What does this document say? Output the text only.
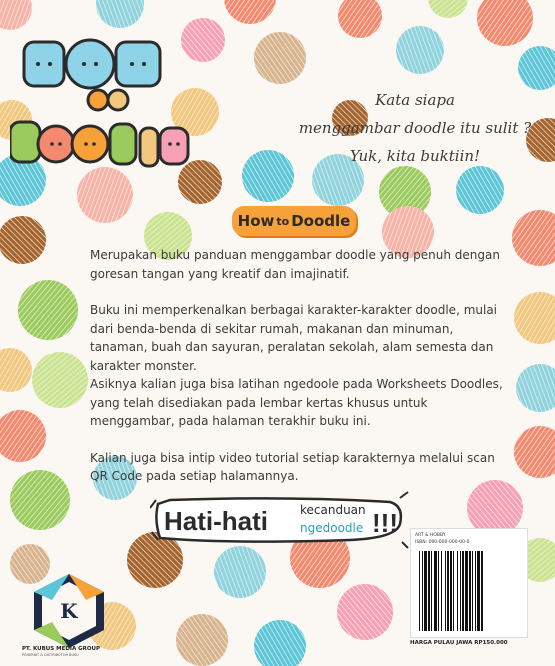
Kata siapa
menggambar doodle itu sulit ?
Yuk, kita buktiin!
How to Doodle

Merupakan buku panduan menggambar doodle yang penuh dengan goresan tangan yang kreatif dan imajinatif.

Buku ini memperkenalkan berbagai karakter-karakter doodle, mulai dari benda-benda di sekitar rumah, makanan dan minuman, tanaman, buah dan sayuran, peralatan sekolah, alam semesta dan karakter monster.

Asiknya kalian juga bisa latihan ngedoole pada Worksheets Doodles, yang telah disediakan pada lembar kertas khusus untuk menggambar, pada halaman terakhir buku ini.

Kalian juga bisa intip video tutorial setiap karakternya melalui scan QR Code pada setiap halamannya.

Hati-hati	kecanduan
ngedoodle !!!	ART & HOBBY
ISBN: 000-000-000-00-0
HARGA PULAU JAWA RP150.000
K
PT. KUBUS MEDIA GROUP
PENERBIT & DISTRIBUTOR BUKU
